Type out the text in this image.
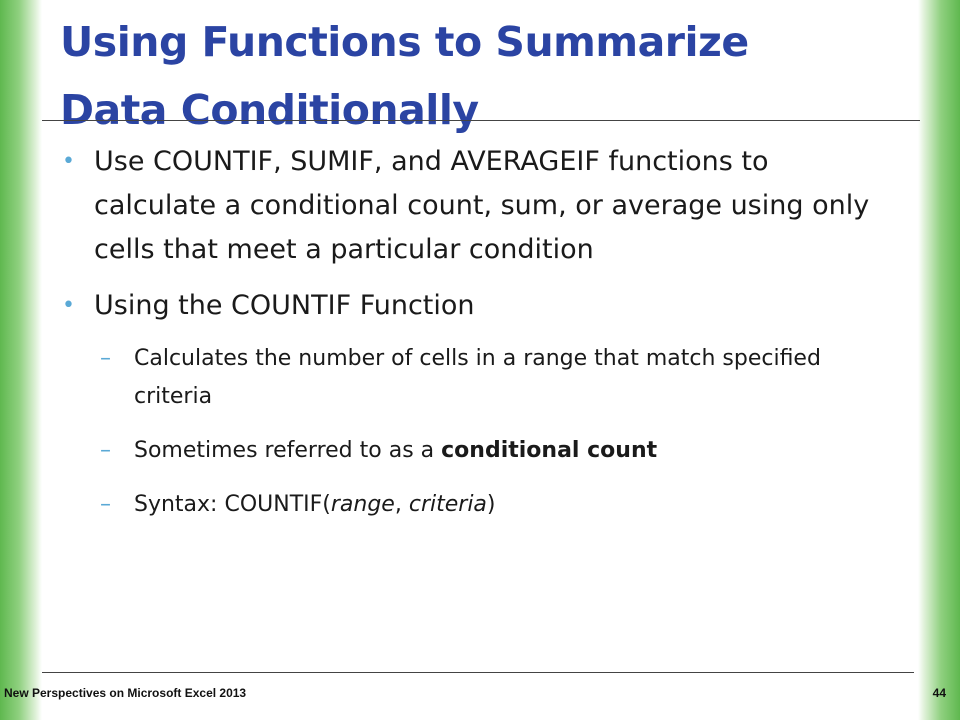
Using Functions to Summarize
Data Conditionally
• Use COUNTIF, SUMIF, and AVERAGEIF functions to calculate a conditional count, sum, or average using only cells that meet a particular condition
• Using the COUNTIF Function
– Calculates the number of cells in a range that match specified criteria
– Sometimes referred to as a conditional count
– Syntax: COUNTIF(range, criteria)
New Perspectives on Microsoft Excel 2013	44
